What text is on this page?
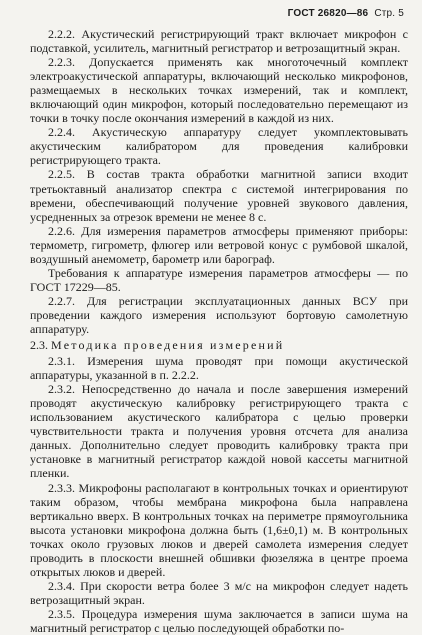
ГОСТ 26820—86 Стр. 5

2.2.2. Акустический регистрирующий тракт включает микрофон с подставкой, усилитель, магнитный регистратор и ветрозащитный экран.

2.2.3. Допускается применять как многоточечный комплект электроакустической аппаратуры, включающий несколько микрофонов, размещаемых в нескольких точках измерений, так и комплект, включающий один микрофон, который последовательно перемещают из точки в точку после окончания измерений в каждой из них.

2.2.4. Акустическую аппаратуру следует укомплектовывать акустическим калибратором для проведения калибровки регистрирующего тракта.

2.2.5. В состав тракта обработки магнитной записи входит третьоктавный анализатор спектра с системой интегрирования по времени, обеспечивающий получение уровней звукового давления, усредненных за отрезок времени не менее 8 с.

2.2.6. Для измерения параметров атмосферы применяют приборы: термометр, гигрометр, флюгер или ветровой конус с румбовой шкалой, воздушный анемометр, барометр или барограф.

Требования к аппаратуре измерения параметров атмосферы — по ГОСТ 17229—85.

2.2.7. Для регистрации эксплуатационных данных ВСУ при проведении каждого измерения используют бортовую самолетную аппаратуру.

2.3. Методика проведения измерений

2.3.1. Измерения шума проводят при помощи акустической аппаратуры, указанной в п. 2.2.2.

2.3.2. Непосредственно до начала и после завершения измерений проводят акустическую калибровку регистрирующего тракта с использованием акустического калибратора с целью проверки чувствительности тракта и получения уровня отсчета для анализа данных. Дополнительно следует проводить калибровку тракта при установке в магнитный регистратор каждой новой кассеты магнитной пленки.

2.3.3. Микрофоны располагают в контрольных точках и ориентируют таким образом, чтобы мембрана микрофона была направлена вертикально вверх. В контрольных точках на периметре прямоугольника высота установки микрофона должна быть (1,6±0,1) м. В контрольных точках около грузовых люков и дверей самолета измерения следует проводить в плоскости внешней обшивки фюзеляжа в центре проема открытых люков и дверей.

2.3.4. При скорости ветра более 3 м/с на микрофон следует надеть ветрозащитный экран.

2.3.5. Процедура измерения шума заключается в записи шума на магнитный регистратор с целью последующей обработки по-
